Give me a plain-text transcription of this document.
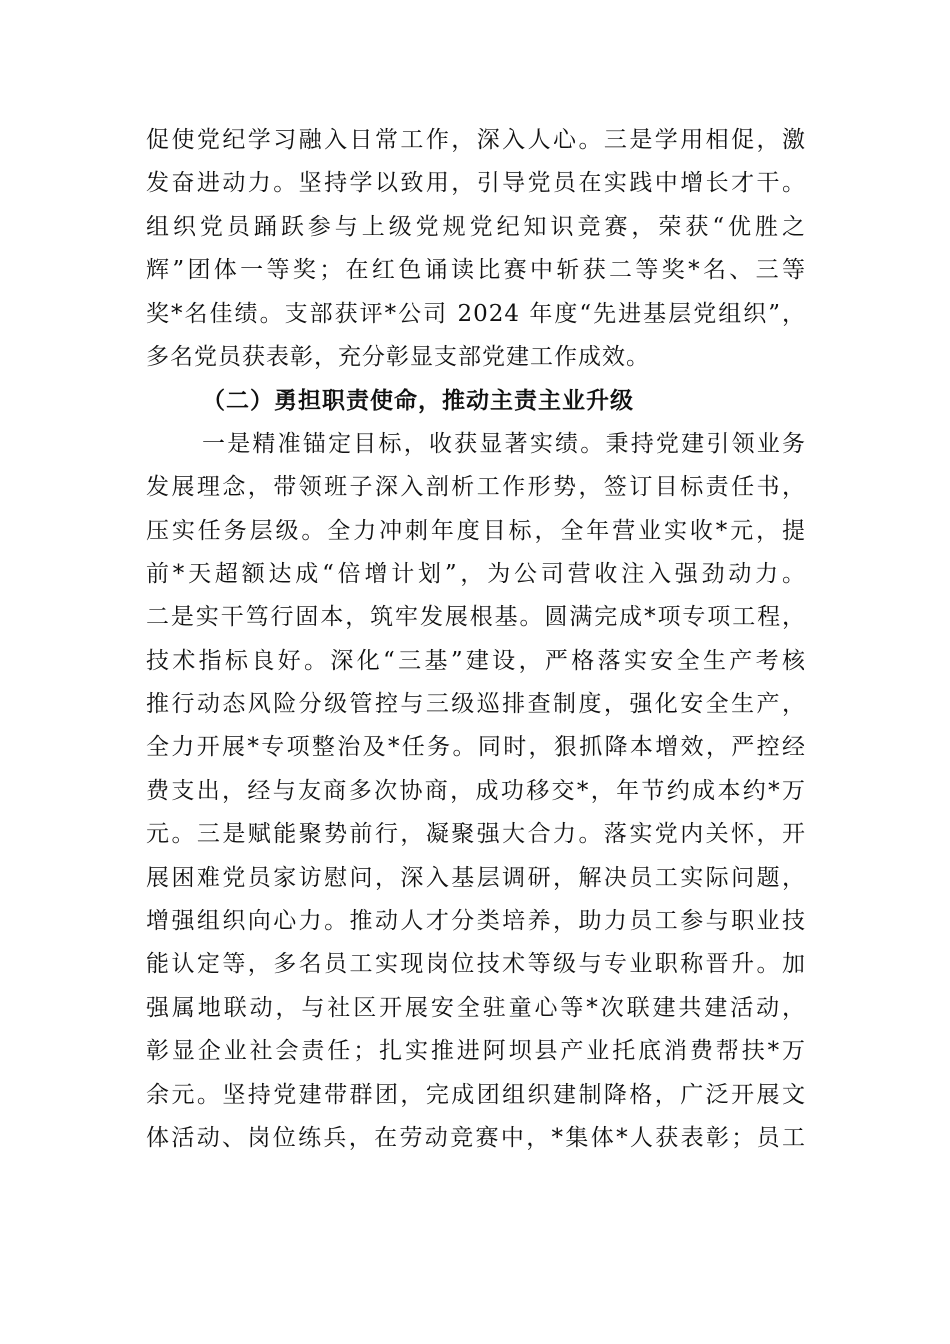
促使党纪学习融入日常工作，深入人心。三是学用相促，激
发奋进动力。坚持学以致用，引导党员在实践中增长才干。
组织党员踊跃参与上级党规党纪知识竞赛，荣获“优胜之
辉”团体一等奖；在红色诵读比赛中斩获二等奖*名、三等
奖*名佳绩。支部获评*公司 2024 年度“先进基层党组织”，
多名党员获表彰，充分彰显支部党建工作成效。
（二）勇担职责使命，推动主责主业升级
一是精准锚定目标，收获显著实绩。秉持党建引领业务
发展理念，带领班子深入剖析工作形势，签订目标责任书，
压实任务层级。全力冲刺年度目标，全年营业实收*元，提
前*天超额达成“倍增计划”，为公司营收注入强劲动力。
二是实干笃行固本，筑牢发展根基。圆满完成*项专项工程，
技术指标良好。深化“三基”建设，严格落实安全生产考核
推行动态风险分级管控与三级巡排查制度，强化安全生产，
全力开展*专项整治及*任务。同时，狠抓降本增效，严控经
费支出，经与友商多次协商，成功移交*，年节约成本约*万
元。三是赋能聚势前行，凝聚强大合力。落实党内关怀，开
展困难党员家访慰问，深入基层调研，解决员工实际问题，
增强组织向心力。推动人才分类培养，助力员工参与职业技
能认定等，多名员工实现岗位技术等级与专业职称晋升。加
强属地联动，与社区开展安全驻童心等*次联建共建活动，
彰显企业社会责任；扎实推进阿坝县产业托底消费帮扶*万
余元。坚持党建带群团，完成团组织建制降格，广泛开展文
体活动、岗位练兵，在劳动竞赛中，*集体*人获表彰；员工
